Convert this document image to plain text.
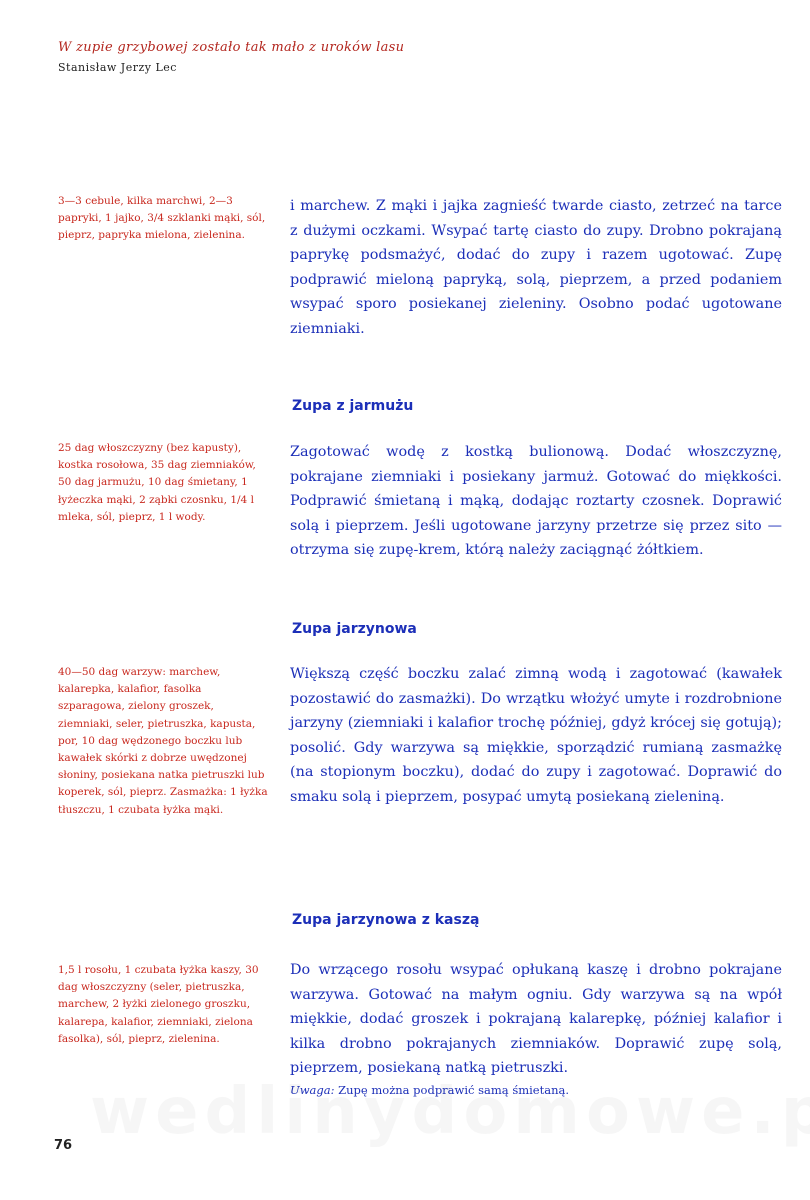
W zupie grzybowej zostało tak mało z uroków lasu
Stanisław Jerzy Lec
3—3 cebule, kilka marchwi, 2—3 papryki, 1 jajko, 3/4 szklanki mąki, sól, pieprz, papryka mielona, zielenina.
i marchew. Z mąki i jajka zagnieść twarde ciasto, zetrzeć na tarce z dużymi oczkami. Wsypać tartę ciasto do zupy. Drobno pokrajaną paprykę podsmażyć, dodać do zupy i razem ugotować. Zupę podprawić mieloną papryką, solą, pieprzem, a przed podaniem wsypać sporo posiekanej zieleniny. Osobno podać ugotowane ziemniaki.
Zupa z jarmużu
25 dag włoszczyzny (bez kapusty), kostka rosołowa, 35 dag ziemniaków, 50 dag jarmużu, 10 dag śmietany, 1 łyżeczka mąki, 2 ząbki czosnku, 1/4 l mleka, sól, pieprz, 1 l wody.
Zagotować wodę z kostką bulionową. Dodać włoszczyznę, pokrajane ziemniaki i posiekany jarmuż. Gotować do miękkości. Podprawić śmietaną i mąką, dodając roztarty czosnek. Doprawić solą i pieprzem. Jeśli ugotowane jarzyny przetrze się przez sito — otrzyma się zupę-krem, którą należy zaciągnąć żółtkiem.
Zupa jarzynowa
40—50 dag warzyw: marchew, kalarepka, kalafior, fasolka szparagowa, zielony groszek, ziemniaki, seler, pietruszka, kapusta, por, 10 dag wędzonego boczku lub kawałek skórki z dobrze uwędzonej słoniny, posiekana natka pietruszki lub koperek, sól, pieprz. Zasmażka: 1 łyżka tłuszczu, 1 czubata łyżka mąki.
Większą część boczku zalać zimną wodą i zagotować (kawałek pozostawić do zasmażki). Do wrzątku włożyć umyte i rozdrobnione jarzyny (ziemniaki i kalafior trochę później, gdyż krócej się gotują); posolić. Gdy warzywa są miękkie, sporządzić rumianą zasmażkę (na stopionym boczku), dodać do zupy i zagotować. Doprawić do smaku solą i pieprzem, posypać umytą posiekaną zieleniną.
Zupa jarzynowa z kaszą
1,5 l rosołu, 1 czubata łyżka kaszy, 30 dag włoszczyzny (seler, pietruszka, marchew, 2 łyżki zielonego groszku, kalarepa, kalafior, ziemniaki, zielona fasolka), sól, pieprz, zielenina.
Do wrzącego rosołu wsypać opłukaną kaszę i drobno pokrajane warzywa. Gotować na małym ogniu. Gdy warzywa są na wpół miękkie, dodać groszek i pokrajaną kalarepkę, później kalafior i kilka drobno pokrajanych ziemniaków. Doprawić zupę solą, pieprzem, posiekaną natką pietruszki.
Uwaga: Zupę można podprawić samą śmietaną.
76
